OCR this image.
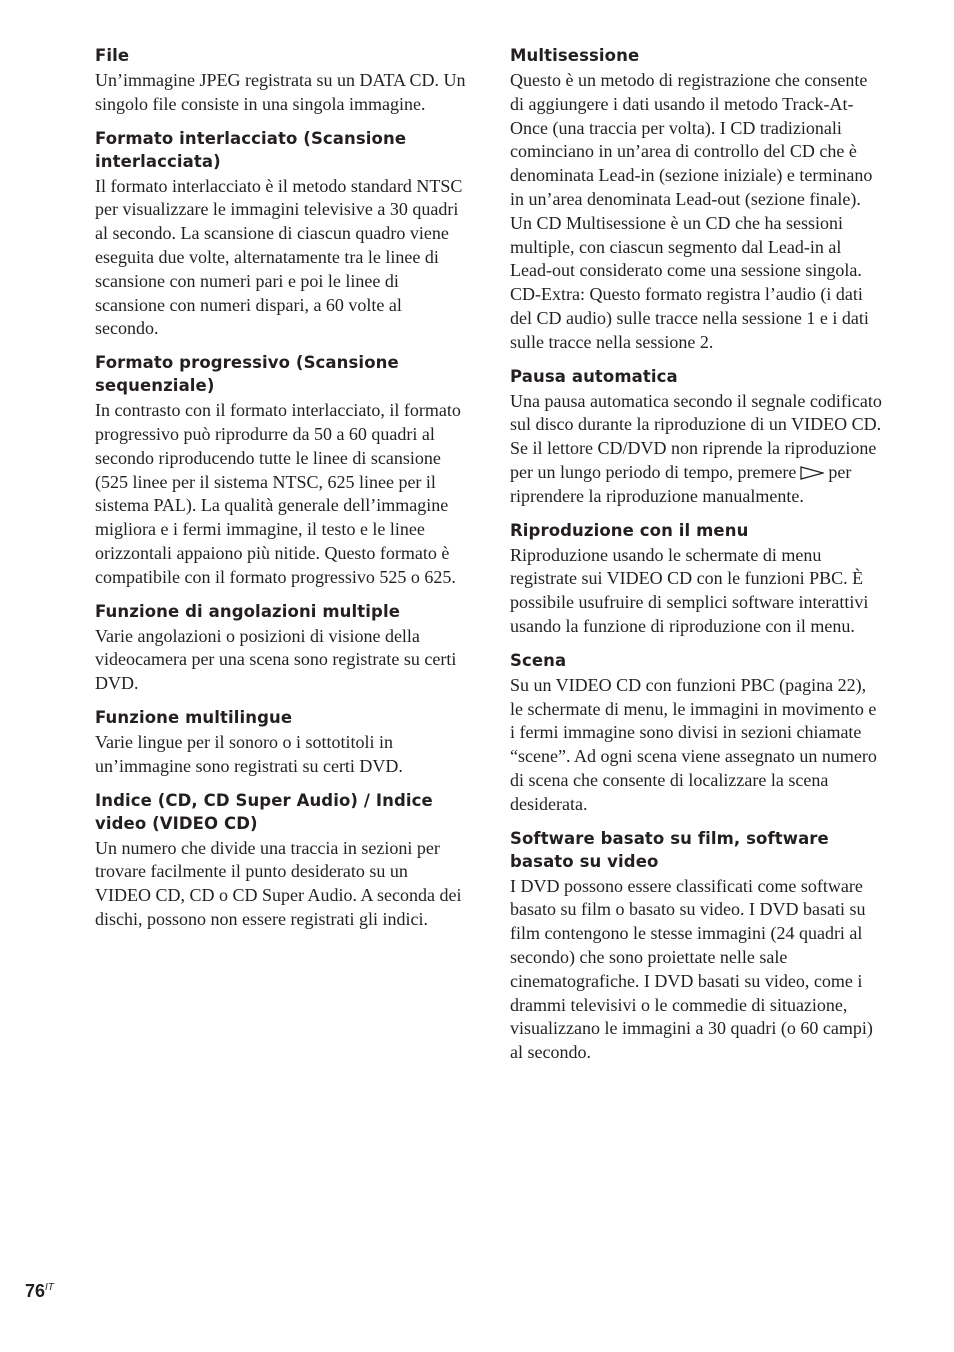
File

Un’immagine JPEG registrata su un DATA CD. Un singolo file consiste in una singola immagine.

Formato interlacciato (Scansione interlacciata)

Il formato interlacciato è il metodo standard NTSC per visualizzare le immagini televisive a 30 quadri al secondo. La scansione di ciascun quadro viene eseguita due volte, alternatamente tra le linee di scansione con numeri pari e poi le linee di scansione con numeri dispari, a 60 volte al secondo.

Formato progressivo (Scansione sequenziale)

In contrasto con il formato interlacciato, il formato progressivo può riprodurre da 50 a 60 quadri al secondo riproducendo tutte le linee di scansione (525 linee per il sistema NTSC, 625 linee per il sistema PAL). La qualità generale dell’immagine migliora e i fermi immagine, il testo e le linee orizzontali appaiono più nitide. Questo formato è compatibile con il formato progressivo 525 o 625.

Funzione di angolazioni multiple

Varie angolazioni o posizioni di visione della videocamera per una scena sono registrate su certi DVD.

Funzione multilingue

Varie lingue per il sonoro o i sottotitoli in un’immagine sono registrati su certi DVD.

Indice (CD, CD Super Audio) / Indice video (VIDEO CD)

Un numero che divide una traccia in sezioni per trovare facilmente il punto desiderato su un VIDEO CD, CD o CD Super Audio. A seconda dei dischi, possono non essere registrati gli indici.

Multisessione

Questo è un metodo di registrazione che consente di aggiungere i dati usando il metodo Track-At-Once (una traccia per volta). I CD tradizionali cominciano in un’area di controllo del CD che è denominata Lead-in (sezione iniziale) e terminano in un’area denominata Lead-out (sezione finale). Un CD Multisessione è un CD che ha sessioni multiple, con ciascun segmento dal Lead-in al Lead-out considerato come una sessione singola.

CD-Extra: Questo formato registra l’audio (i dati del CD audio) sulle tracce nella sessione 1 e i dati sulle tracce nella sessione 2.

Pausa automatica

Una pausa automatica secondo il segnale codificato sul disco durante la riproduzione di un VIDEO CD. Se il lettore CD/DVD non riprende la riproduzione per un lungo periodo di tempo, premere per riprendere la riproduzione manualmente.

Riproduzione con il menu

Riproduzione usando le schermate di menu registrate sui VIDEO CD con le funzioni PBC. È possibile usufruire di semplici software interattivi usando la funzione di riproduzione con il menu.

Scena

Su un VIDEO CD con funzioni PBC (pagina 22), le schermate di menu, le immagini in movimento e i fermi immagine sono divisi in sezioni chiamate “scene”. Ad ogni scena viene assegnato un numero di scena che consente di localizzare la scena desiderata.

Software basato su film, software basato su video

I DVD possono essere classificati come software basato su film o basato su video. I DVD basati su film contengono le stesse immagini (24 quadri al secondo) che sono proiettate nelle sale cinematografiche. I DVD basati su video, come i drammi televisivi o le commedie di situazione, visualizzano le immagini a 30 quadri (o 60 campi) al secondo.

$76^{IT}$
